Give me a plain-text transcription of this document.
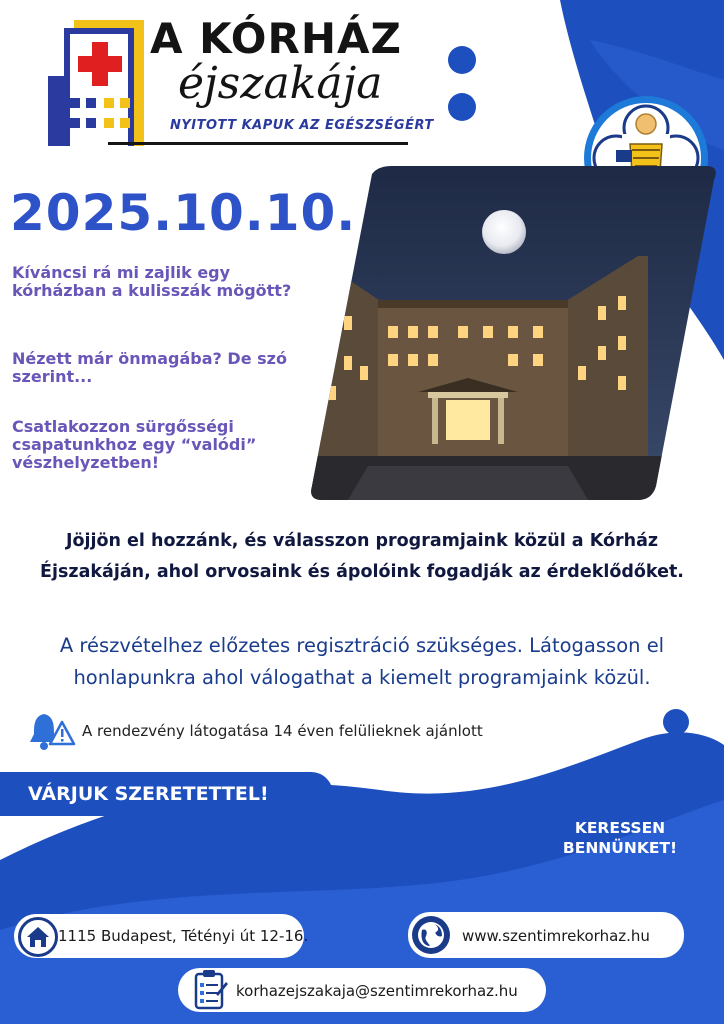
A KÓRHÁZ
éjszakája
NYITOTT KAPUK AZ EGÉSZSÉGÉRT
2025.10.10.
Kíváncsi rá mi zajlik egy kórházban a kulisszák mögött?
Nézett már önmagába? De szó szerint...
Csatlakozzon sürgősségi csapatunkhoz egy “valódi” vészhelyzetben!
Jöjjön el hozzánk, és válasszon programjaink közül a Kórház Éjszakáján, ahol orvosaink és ápolóink fogadják az érdeklődőket.
A részvételhez előzetes regisztráció szükséges. Látogasson el honlapunkra ahol válogathat a kiemelt programjaink közül.
A rendezvény látogatása 14 éven felülieknek ajánlott
VÁRJUK SZERETETTEL!
KERESSEN BENNÜNKET!
1115 Budapest, Tétényi út 12-16.	www.szentimrekorhaz.hu
korhazejszakaja@szentimrekorhaz.hu
